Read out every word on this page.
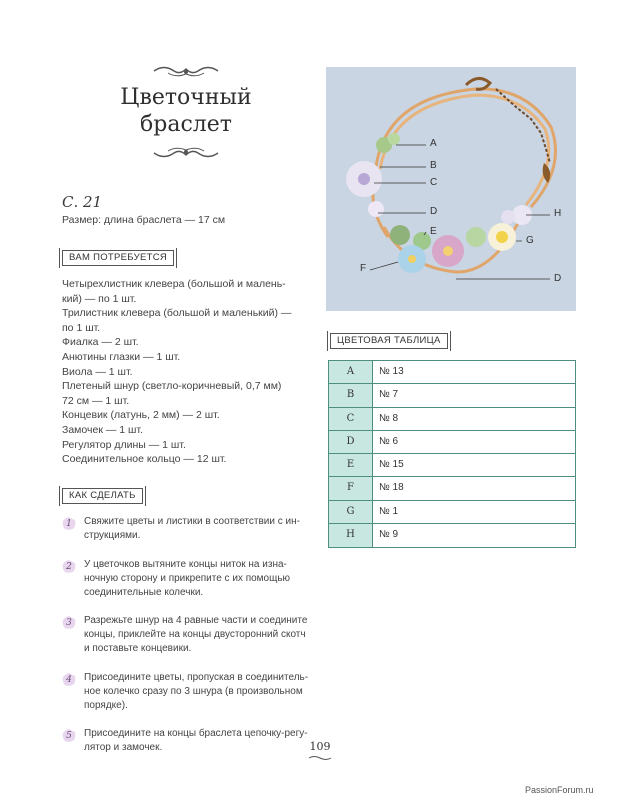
Цветочный
браслет
С. 21
Размер: длина браслета — 17 см
ВАМ ПОТРЕБУЕТСЯ
Четырехлистник клевера (большой и малень-
кий) — по 1 шт.
Трилистник клевера (большой и маленький) —
по 1 шт.
Фиалка — 2 шт.
Анютины глазки — 1 шт.
Виола — 1 шт.
Плетеный шнур (светло-коричневый, 0,7 мм)
72 см — 1 шт.
Концевик (латунь, 2 мм) — 2 шт.
Замочек — 1 шт.
Регулятор длины — 1 шт.
Соединительное кольцо — 12 шт.
КАК СДЕЛАТЬ
1	Свяжите цветы и листики в соответствии с ин-
струкциями.
2	У цветочков вытяните концы ниток на изна-
ночную сторону и прикрепите с их помощью
соединительные колечки.
3	Разрежьте шнур на 4 равные части и соедините
концы, приклейте на концы двусторонний скотч
и поставьте концевики.
4	Присоедините цветы, пропуская в соединитель-
ное колечко сразу по 3 шнура (в произвольном
порядке).
5	Присоедините на концы браслета цепочку-регу-
лятор и замочек.
A
B
C
D
E
H
G
F
D
ЦВЕТОВАЯ ТАБЛИЦА
A	№ 13
B	№ 7
C	№ 8
D	№ 6
E	№ 15
F	№ 18
G	№ 1
H	№ 9
109
PassionForum.ru
